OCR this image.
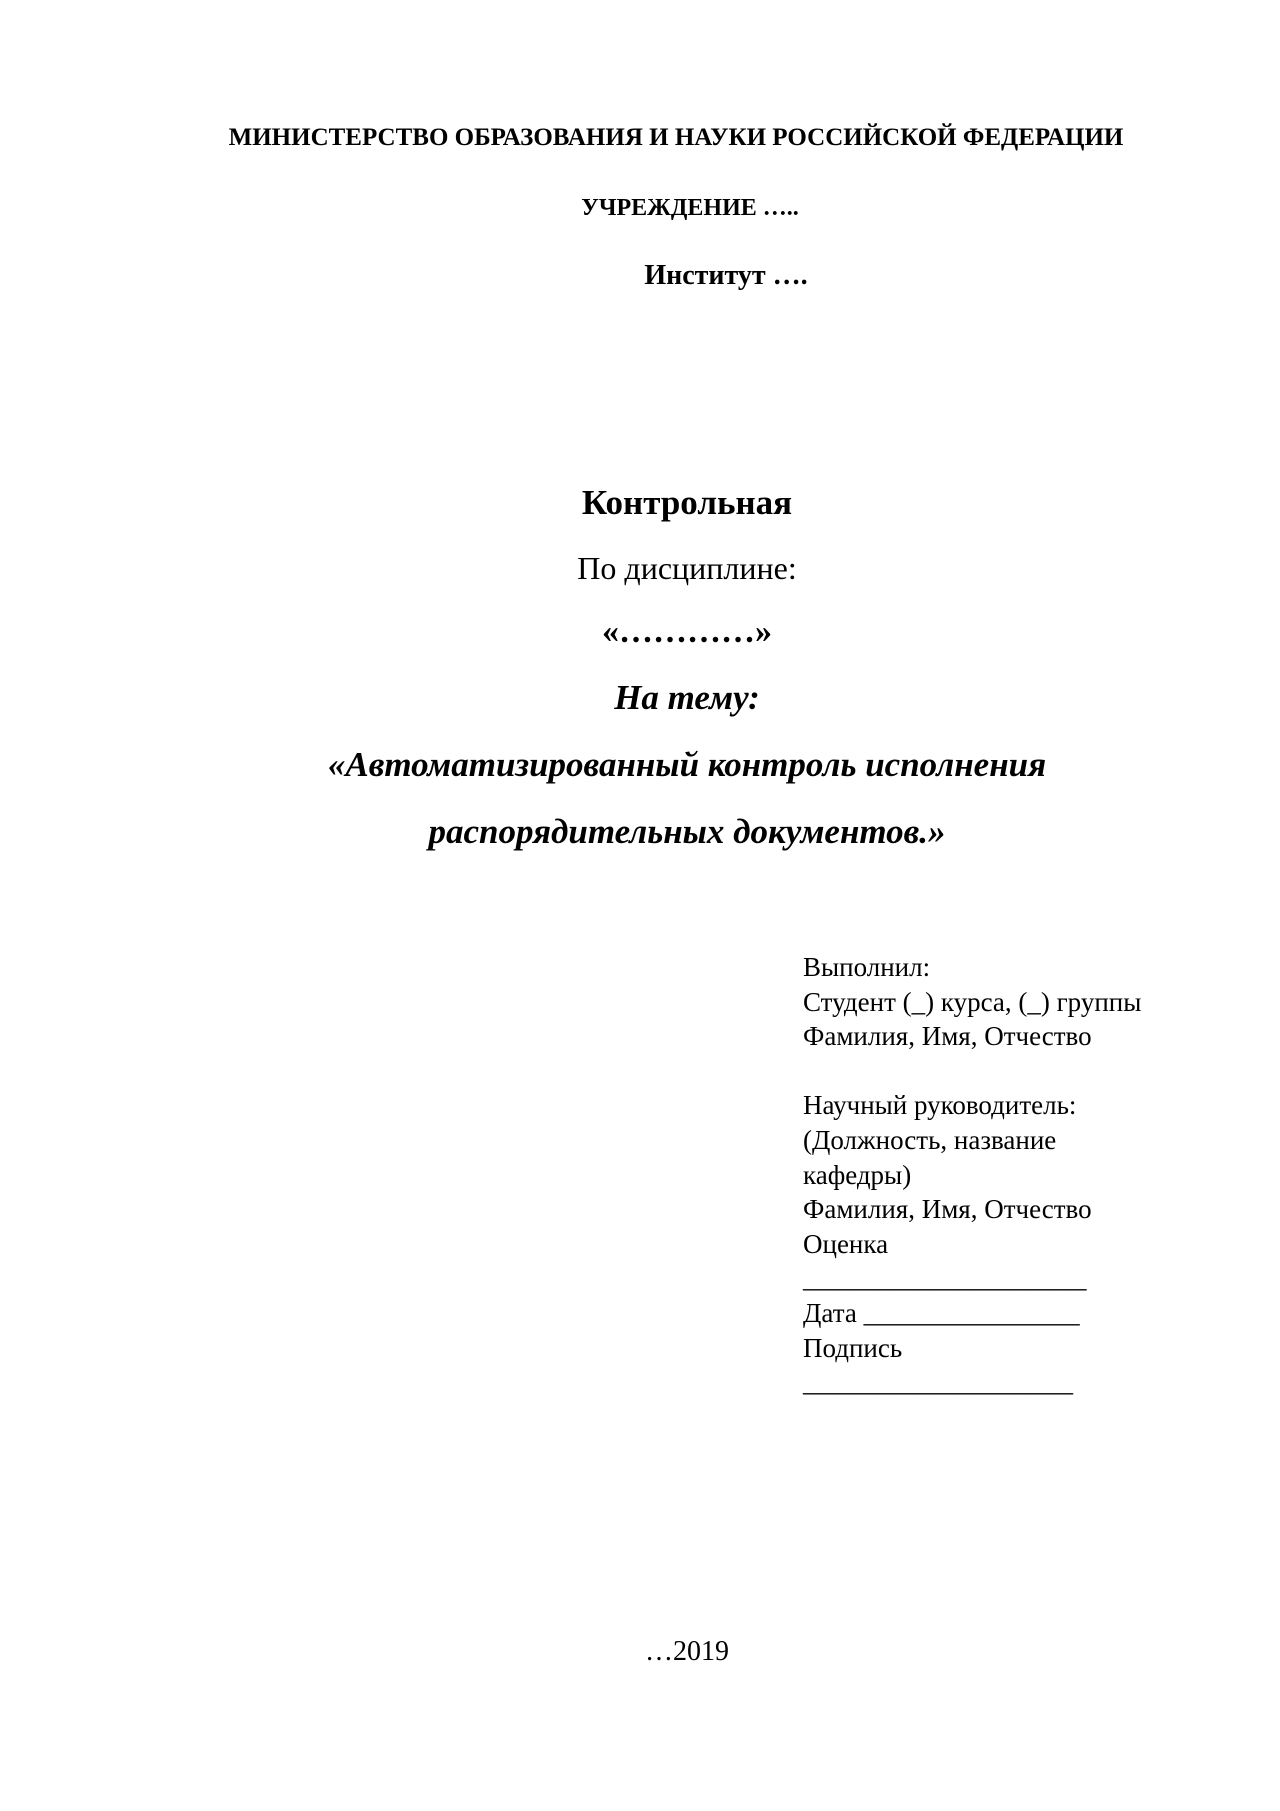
МИНИСТЕРСТВО ОБРАЗОВАНИЯ И НАУКИ РОССИЙСКОЙ ФЕДЕРАЦИИ
УЧРЕЖДЕНИЕ …..
Институт ….
Контрольная
По дисциплине:
«…………»
На тему:
«Автоматизированный контроль исполнения
распорядительных документов.»
Выполнил:
Студент (_) курса, (_) группы
Фамилия, Имя, Отчество
Научный руководитель:
(Должность, название
кафедры)
Фамилия, Имя, Отчество
Оценка
_____________________
Дата ________________
Подпись
____________________
…2019
